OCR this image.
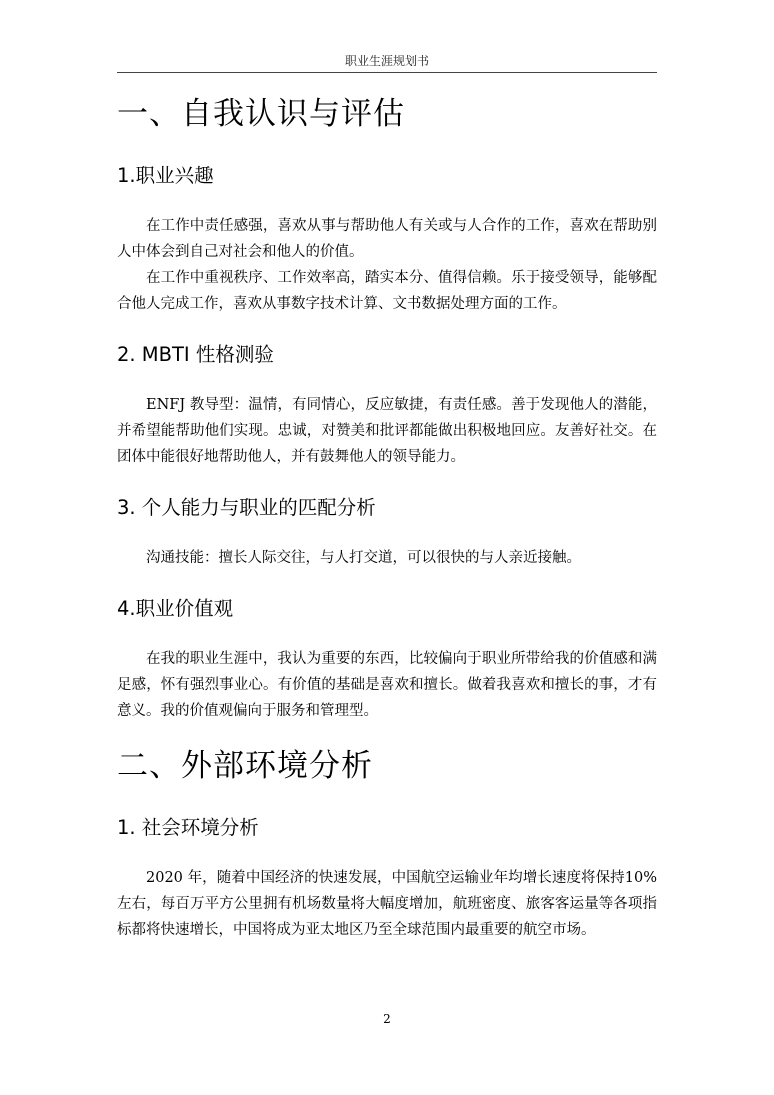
职业生涯规划书
一、自我认识与评估
1.职业兴趣

在工作中责任感强，喜欢从事与帮助他人有关或与人合作的工作，喜欢在帮助别人中体会到自己对社会和他人的价值。

在工作中重视秩序、工作效率高，踏实本分、值得信赖。乐于接受领导，能够配合他人完成工作，喜欢从事数字技术计算、文书数据处理方面的工作。

2. MBTI 性格测验

ENFJ 教导型：温情，有同情心，反应敏捷，有责任感。善于发现他人的潜能，并希望能帮助他们实现。忠诚，对赞美和批评都能做出积极地回应。友善好社交。在团体中能很好地帮助他人，并有鼓舞他人的领导能力。

3. 个人能力与职业的匹配分析

沟通技能：擅长人际交往，与人打交道，可以很快的与人亲近接触。

4.职业价值观

在我的职业生涯中，我认为重要的东西，比较偏向于职业所带给我的价值感和满足感，怀有强烈事业心。有价值的基础是喜欢和擅长。做着我喜欢和擅长的事，才有意义。我的价值观偏向于服务和管理型。

二、外部环境分析
1. 社会环境分析

2020 年，随着中国经济的快速发展，中国航空运输业年均增长速度将保持10%左右，每百万平方公里拥有机场数量将大幅度增加，航班密度、旅客客运量等各项指标都将快速增长，中国将成为亚太地区乃至全球范围内最重要的航空市场。

2
